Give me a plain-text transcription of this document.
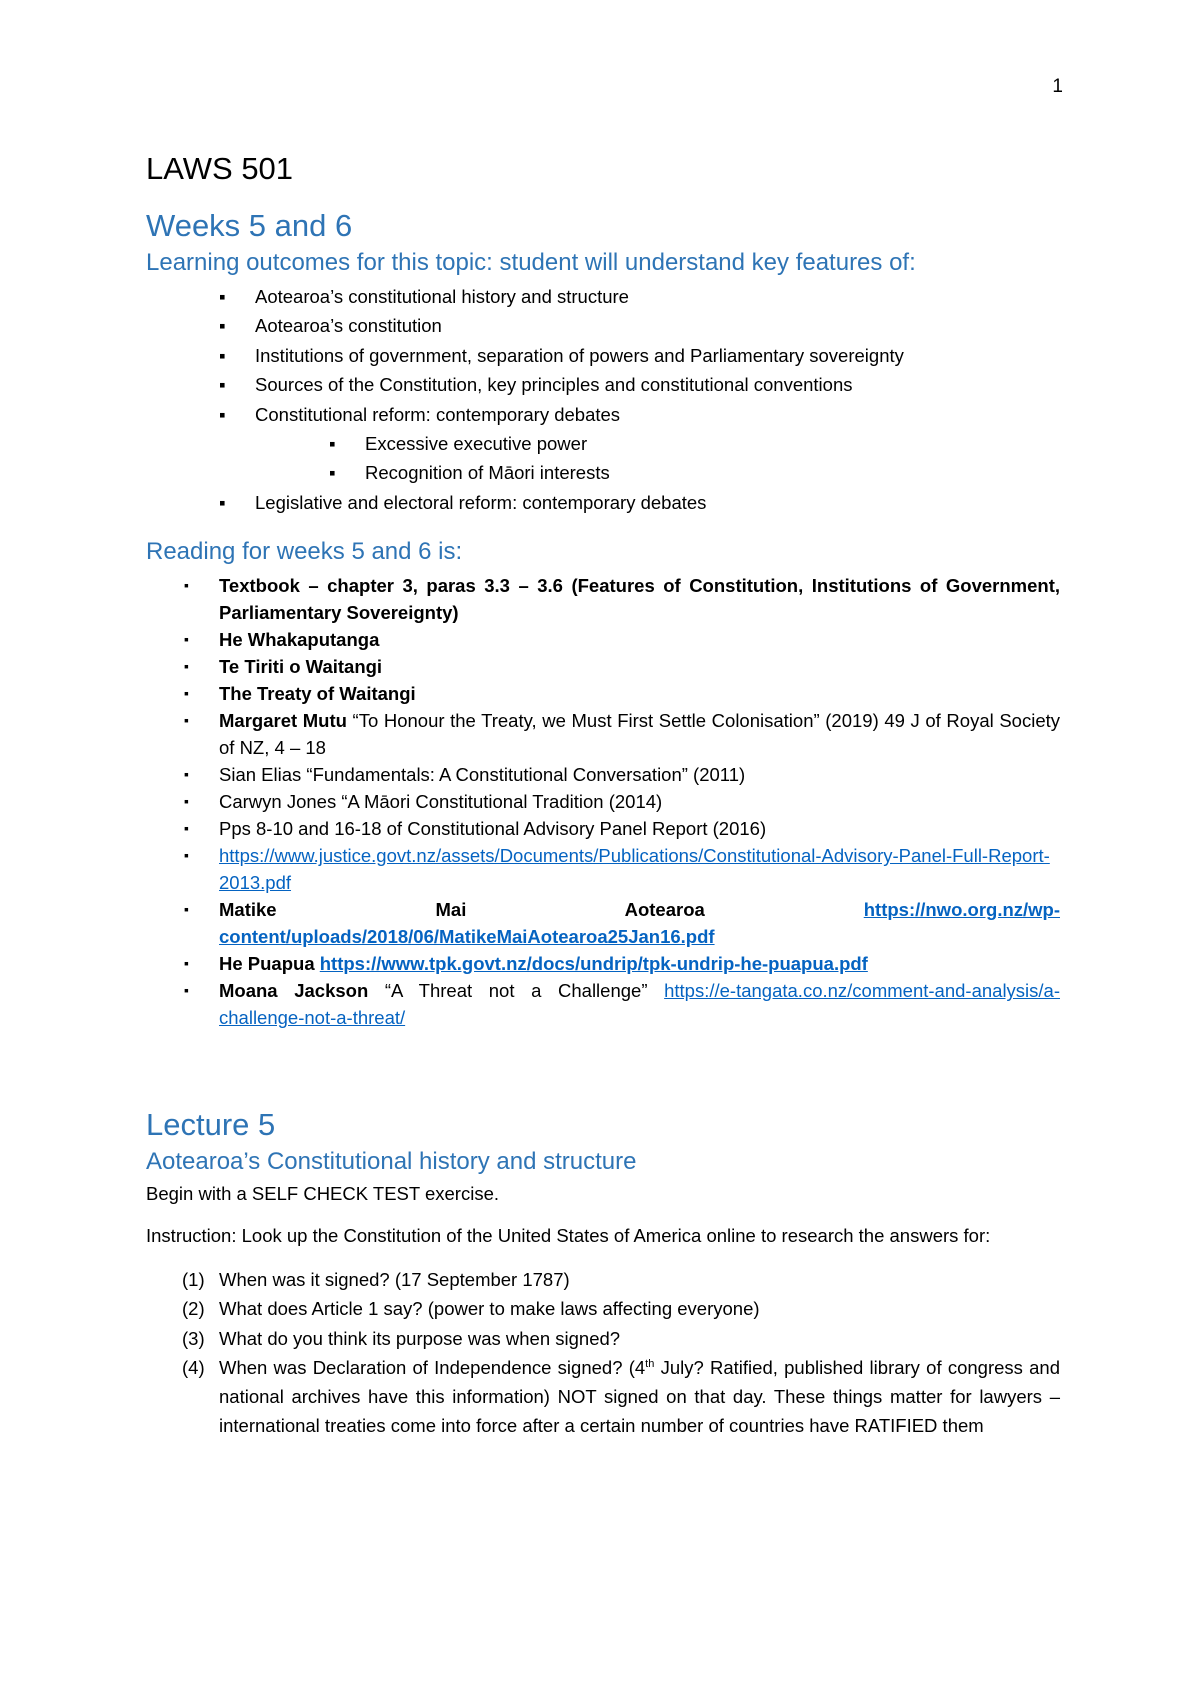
1
LAWS 501
Weeks 5 and 6
Learning outcomes for this topic: student will understand key features of:
▪ Aotearoa’s constitutional history and structure
▪ Aotearoa’s constitution
▪ Institutions of government, separation of powers and Parliamentary sovereignty
▪ Sources of the Constitution, key principles and constitutional conventions
▪ Constitutional reform: contemporary debates
▪ Excessive executive power
▪ Recognition of Māori interests
▪ Legislative and electoral reform: contemporary debates
Reading for weeks 5 and 6 is:
▪ Textbook – chapter 3, paras 3.3 – 3.6 (Features of Constitution, Institutions of Government, Parliamentary Sovereignty)
▪ He Whakaputanga
▪ Te Tiriti o Waitangi
▪ The Treaty of Waitangi
▪ Margaret Mutu “To Honour the Treaty, we Must First Settle Colonisation” (2019) 49 J of Royal Society of NZ, 4 – 18
▪ Sian Elias “Fundamentals: A Constitutional Conversation” (2011)
▪ Carwyn Jones “A Māori Constitutional Tradition (2014)
▪ Pps 8-10 and 16-18 of Constitutional Advisory Panel Report (2016)
▪ https://www.justice.govt.nz/assets/Documents/Publications/Constitutional-Advisory-Panel-Full-Report-2013.pdf
▪ Matike Mai Aotearoa	https://nwo.org.nz/wp-content/uploads/2018/06/MatikeMaiAotearoa25Jan16.pdf
▪ He Puapua https://www.tpk.govt.nz/docs/undrip/tpk-undrip-he-puapua.pdf
▪ Moana Jackson “A Threat not a Challenge” https://e-tangata.co.nz/comment-and-analysis/a-challenge-not-a-threat/
Lecture 5
Aotearoa’s Constitutional history and structure

Begin with a SELF CHECK TEST exercise.

Instruction: Look up the Constitution of the United States of America online to research the answers for:

(1) When was it signed? (17 September 1787)
(2) What does Article 1 say? (power to make laws affecting everyone)
(3) What do you think its purpose was when signed?
(4) When was Declaration of Independence signed? (4th July? Ratified, published library of congress and national archives have this information) NOT signed on that day. These things matter for lawyers – international treaties come into force after a certain number of countries have RATIFIED them
